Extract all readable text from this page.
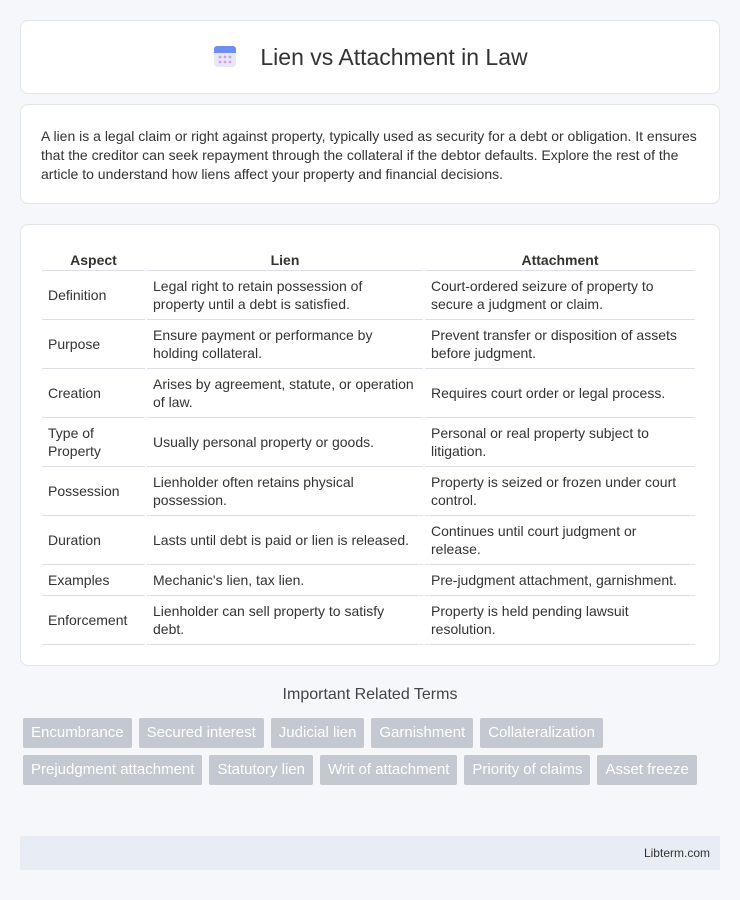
Lien vs Attachment in Law

A lien is a legal claim or right against property, typically used as security for a debt or obligation. It ensures that the creditor can seek repayment through the collateral if the debtor defaults. Explore the rest of the article to understand how liens affect your property and financial decisions.

Aspect	Lien	Attachment
Definition	Legal right to retain possession of property until a debt is satisfied.	Court-ordered seizure of property to secure a judgment or claim.
Purpose	Ensure payment or performance by holding collateral.	Prevent transfer or disposition of assets before judgment.
Creation	Arises by agreement, statute, or operation of law.	Requires court order or legal process.
Type of Property	Usually personal property or goods.	Personal or real property subject to litigation.
Possession	Lienholder often retains physical possession.	Property is seized or frozen under court control.
Duration	Lasts until debt is paid or lien is released.	Continues until court judgment or release.
Examples	Mechanic's lien, tax lien.	Pre-judgment attachment, garnishment.
Enforcement	Lienholder can sell property to satisfy debt.	Property is held pending lawsuit resolution.
Important Related Terms
Encumbrance	Secured interest	Judicial lien	Garnishment	Collateralization
Prejudgment attachment	Statutory lien	Writ of attachment	Priority of claims	Asset freeze
Libterm.com
